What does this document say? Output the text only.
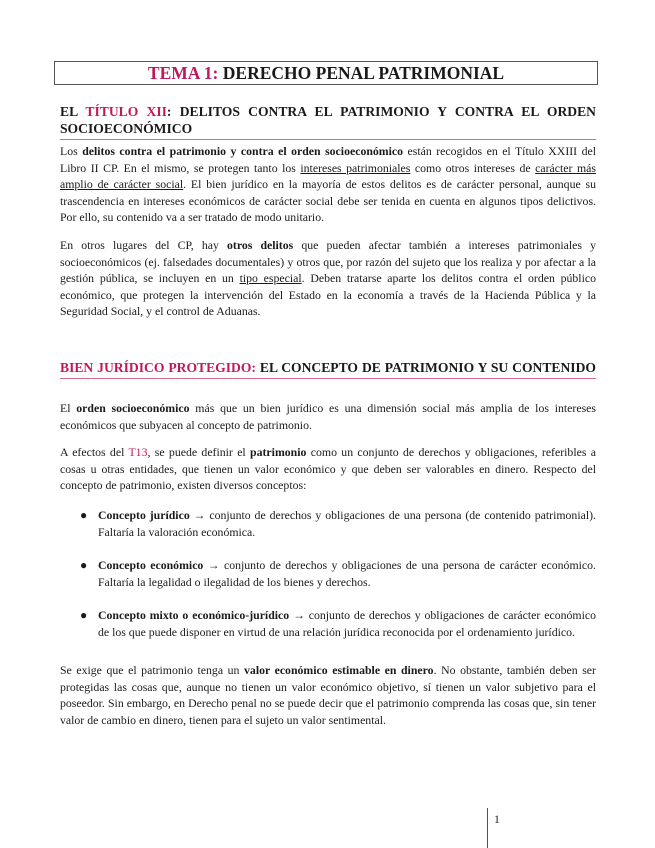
TEMA 1: DERECHO PENAL PATRIMONIAL
EL TÍTULO XII: DELITOS CONTRA EL PATRIMONIO Y CONTRA EL ORDEN SOCIOECONÓMICO

Los delitos contra el patrimonio y contra el orden socioeconómico están recogidos en el Título XXIII del Libro II CP. En el mismo, se protegen tanto los intereses patrimoniales como otros intereses de carácter más amplio de carácter social. El bien jurídico en la mayoría de estos delitos es de carácter personal, aunque su trascendencia en intereses económicos de carácter social debe ser tenida en cuenta en algunos tipos delictivos. Por ello, su contenido va a ser tratado de modo unitario.

En otros lugares del CP, hay otros delitos que pueden afectar también a intereses patrimoniales y socioeconómicos (ej. falsedades documentales) y otros que, por razón del sujeto que los realiza y por afectar a la gestión pública, se incluyen en un tipo especial. Deben tratarse aparte los delitos contra el orden público económico, que protegen la intervención del Estado en la economía a través de la Hacienda Pública y la Seguridad Social, y el control de Aduanas.

BIEN JURÍDICO PROTEGIDO: EL CONCEPTO DE PATRIMONIO Y SU CONTENIDO

El orden socioeconómico más que un bien jurídico es una dimensión social más amplia de los intereses económicos que subyacen al concepto de patrimonio.

A efectos del T13, se puede definir el patrimonio como un conjunto de derechos y obligaciones, referibles a cosas u otras entidades, que tienen un valor económico y que deben ser valorables en dinero. Respecto del concepto de patrimonio, existen diversos conceptos:

● Concepto jurídico → conjunto de derechos y obligaciones de una persona (de contenido patrimonial). Faltaría la valoración económica.
● Concepto económico → conjunto de derechos y obligaciones de una persona de carácter económico. Faltaría la legalidad o ilegalidad de los bienes y derechos.
● Concepto mixto o económico-jurídico → conjunto de derechos y obligaciones de carácter económico de los que puede disponer en virtud de una relación jurídica reconocida por el ordenamiento jurídico.

Se exige que el patrimonio tenga un valor económico estimable en dinero. No obstante, también deben ser protegidas las cosas que, aunque no tienen un valor económico objetivo, sí tienen un valor subjetivo para el poseedor. Sin embargo, en Derecho penal no se puede decir que el patrimonio comprenda las cosas que, sin tener valor de cambio en dinero, tienen para el sujeto un valor sentimental.

1
